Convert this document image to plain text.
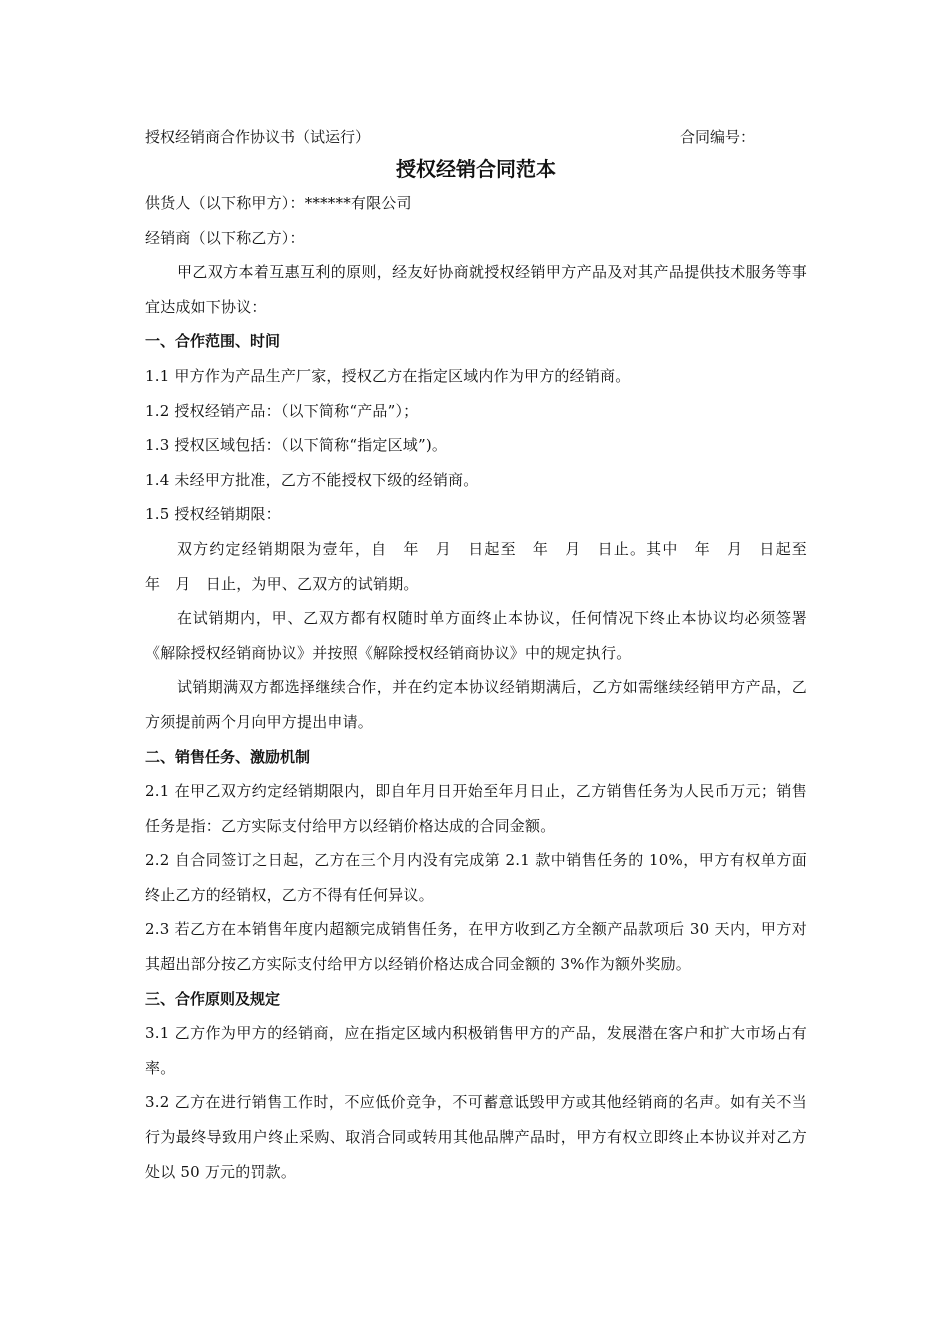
授权经销商合作协议书（试运行）	合同编号：
授权经销合同范本

供货人（以下称甲方）：******有限公司

经销商（以下称乙方）：

甲乙双方本着互惠互利的原则，经友好协商就授权经销甲方产品及对其产品提供技术服务等事宜达成如下协议：

一、合作范围、时间

1.1 甲方作为产品生产厂家，授权乙方在指定区域内作为甲方的经销商。

1.2 授权经销产品：（以下简称“产品”）；

1.3 授权区域包括：（以下简称“指定区域”)。

1.4 未经甲方批准，乙方不能授权下级的经销商。

1.5 授权经销期限：

双方约定经销期限为壹年，自　年　月　日起至　年　月　日止。其中　年　月　日起至　　年　月　日止，为甲、乙双方的试销期。

在试销期内，甲、乙双方都有权随时单方面终止本协议，任何情况下终止本协议均必须签署《解除授权经销商协议》并按照《解除授权经销商协议》中的规定执行。

试销期满双方都选择继续合作，并在约定本协议经销期满后，乙方如需继续经销甲方产品，乙方须提前两个月向甲方提出申请。

二、销售任务、激励机制

2.1 在甲乙双方约定经销期限内，即自年月日开始至年月日止，乙方销售任务为人民币万元；销售任务是指：乙方实际支付给甲方以经销价格达成的合同金额。

2.2 自合同签订之日起，乙方在三个月内没有完成第 2.1 款中销售任务的 10%，甲方有权单方面终止乙方的经销权，乙方不得有任何异议。

2.3 若乙方在本销售年度内超额完成销售任务，在甲方收到乙方全额产品款项后 30 天内，甲方对其超出部分按乙方实际支付给甲方以经销价格达成合同金额的 3%作为额外奖励。

三、合作原则及规定

3.1 乙方作为甲方的经销商，应在指定区域内积极销售甲方的产品，发展潜在客户和扩大市场占有率。

3.2 乙方在进行销售工作时，不应低价竞争，不可蓄意诋毁甲方或其他经销商的名声。如有关不当行为最终导致用户终止采购、取消合同或转用其他品牌产品时，甲方有权立即终止本协议并对乙方处以 50 万元的罚款。
